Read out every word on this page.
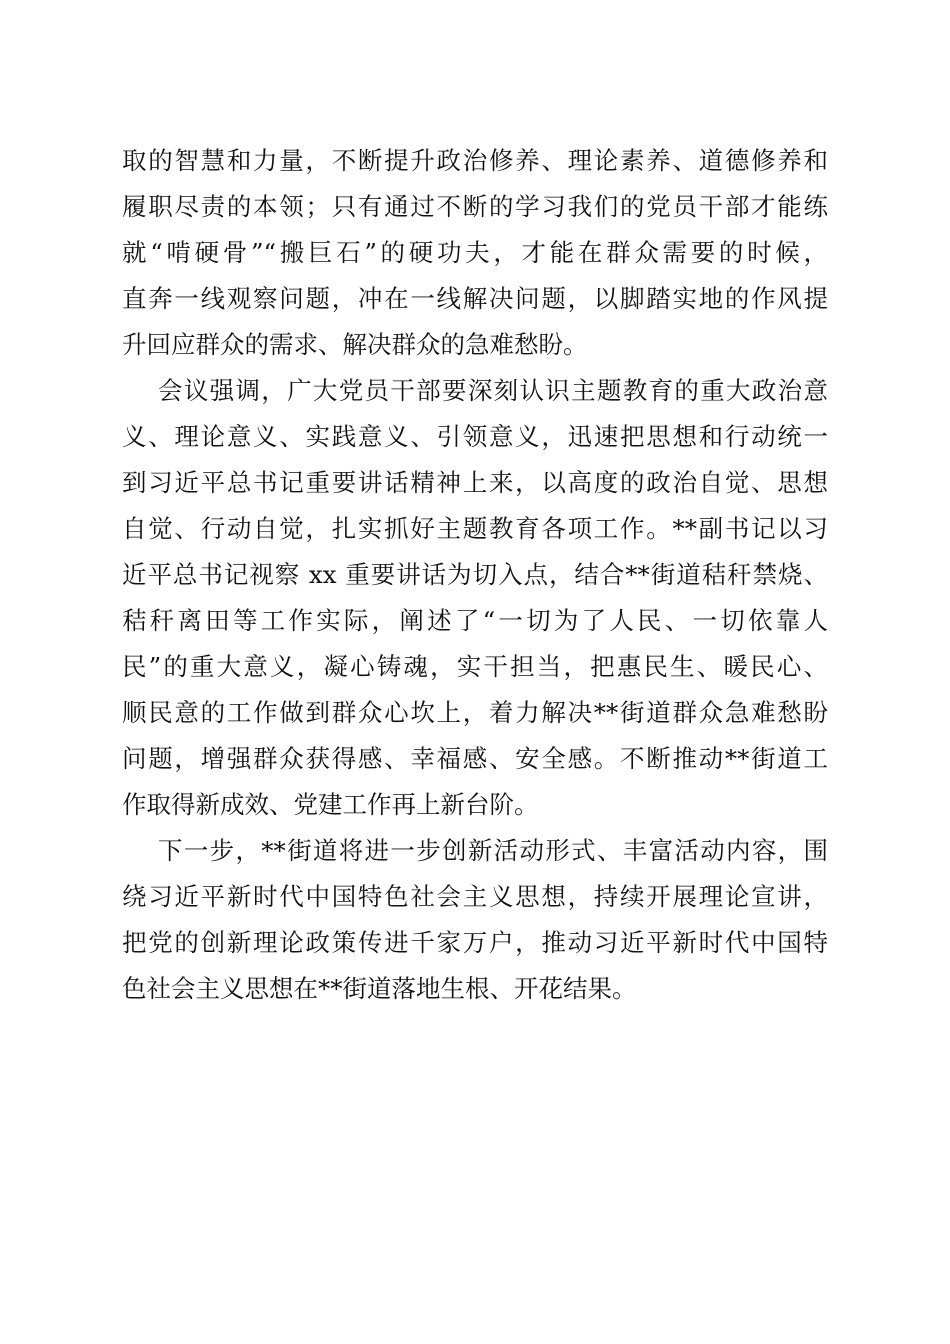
取的智慧和力量，不断提升政治修养、理论素养、道德修养和
履职尽责的本领；只有通过不断的学习我们的党员干部才能练
就“啃硬骨”“搬巨石”的硬功夫，才能在群众需要的时候，
直奔一线观察问题，冲在一线解决问题，以脚踏实地的作风提
升回应群众的需求、解决群众的急难愁盼。
会议强调，广大党员干部要深刻认识主题教育的重大政治意
义、理论意义、实践意义、引领意义，迅速把思想和行动统一
到习近平总书记重要讲话精神上来，以高度的政治自觉、思想
自觉、行动自觉，扎实抓好主题教育各项工作。**副书记以习
近平总书记视察 xx 重要讲话为切入点，结合**街道秸秆禁烧、
秸秆离田等工作实际，阐述了“一切为了人民、一切依靠人
民”的重大意义，凝心铸魂，实干担当，把惠民生、暖民心、
顺民意的工作做到群众心坎上，着力解决**街道群众急难愁盼
问题，增强群众获得感、幸福感、安全感。不断推动**街道工
作取得新成效、党建工作再上新台阶。
下一步，**街道将进一步创新活动形式、丰富活动内容，围
绕习近平新时代中国特色社会主义思想，持续开展理论宣讲，
把党的创新理论政策传进千家万户，推动习近平新时代中国特
色社会主义思想在**街道落地生根、开花结果。
